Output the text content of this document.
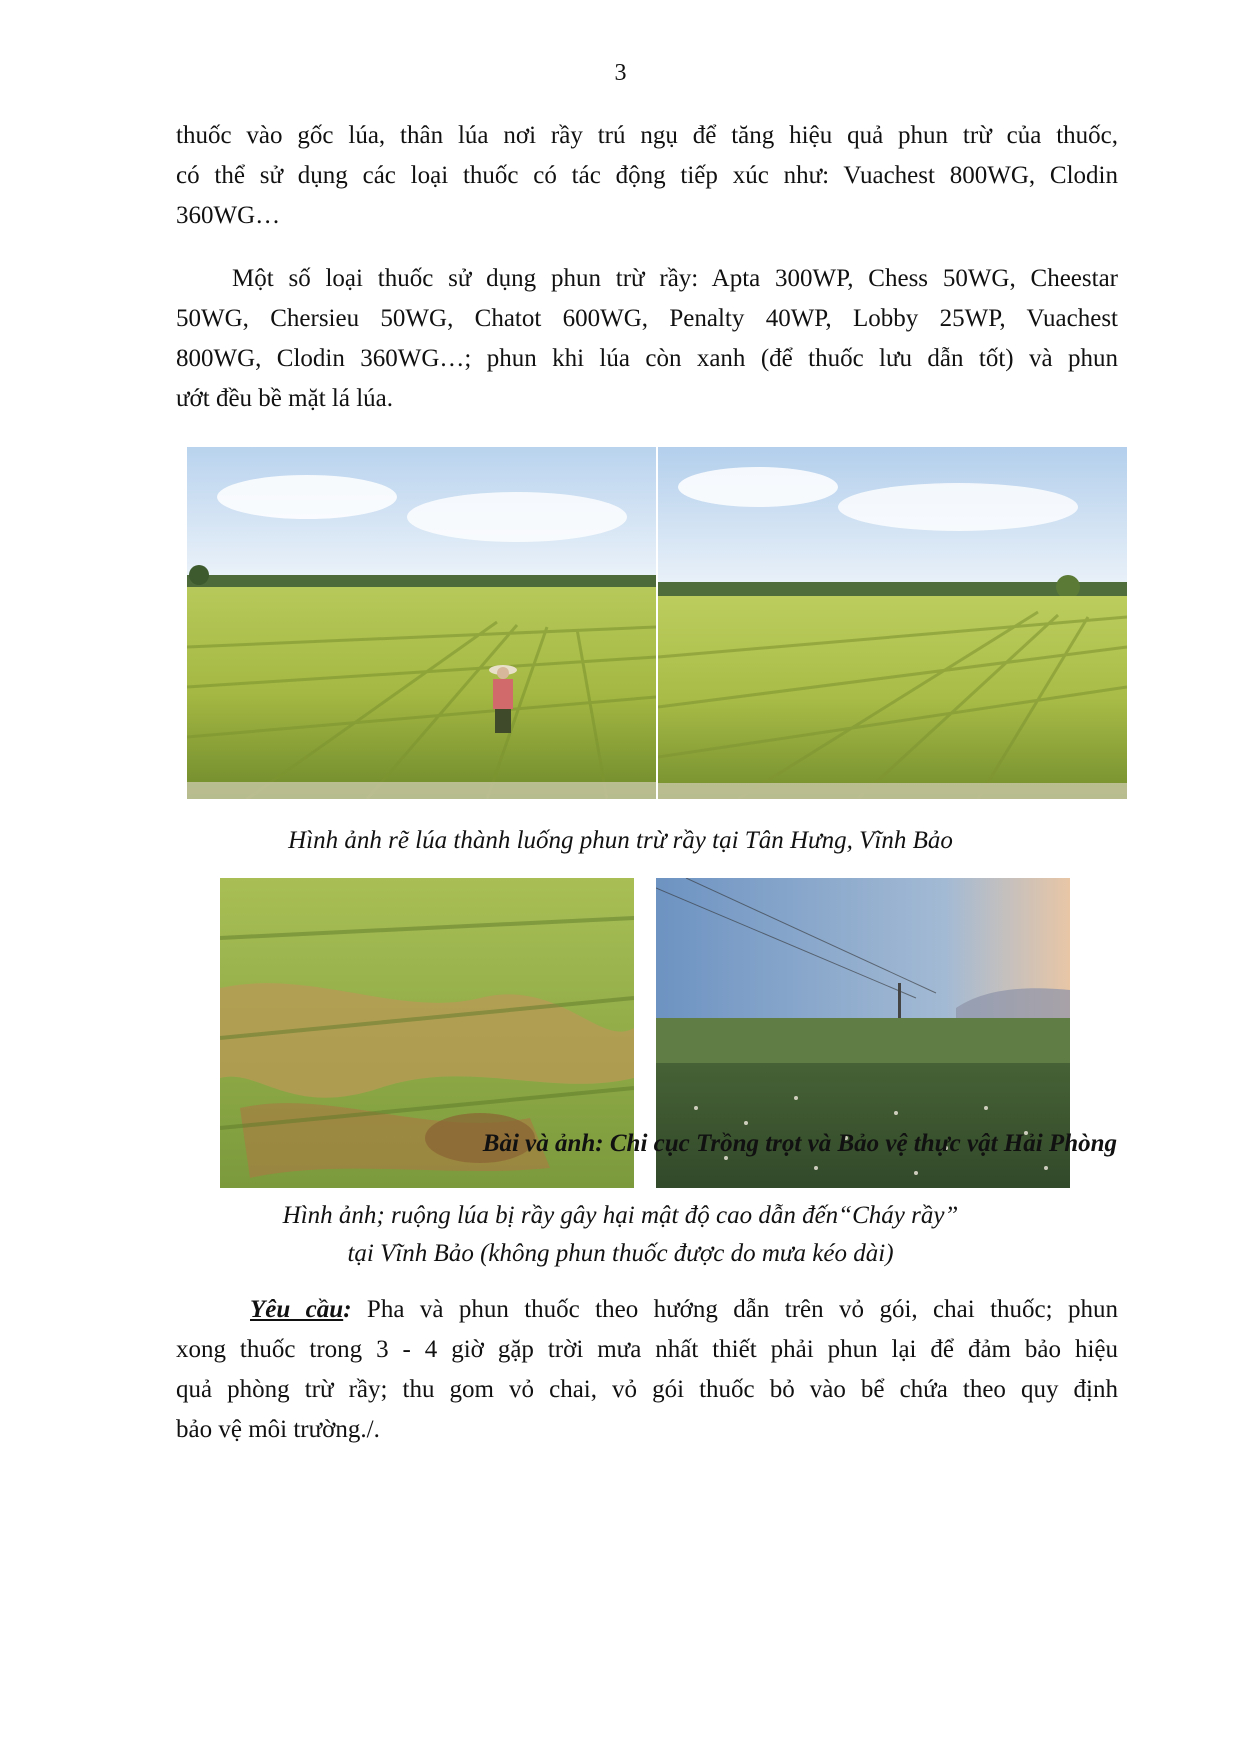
3

thuốc vào gốc lúa, thân lúa nơi rầy trú ngụ để tăng hiệu quả phun trừ của thuốc,
có thể sử dụng các loại thuốc có tác động tiếp xúc như: Vuachest 800WG, Clodin
360WG…

Một số loại thuốc sử dụng phun trừ rầy: Apta 300WP, Chess 50WG, Cheestar
50WG, Chersieu 50WG, Chatot 600WG, Penalty 40WP, Lobby 25WP, Vuachest
800WG, Clodin 360WG…; phun khi lúa còn xanh (để thuốc lưu dẫn tốt) và phun
ướt đều bề mặt lá lúa.

Hình ảnh rẽ lúa thành luống phun trừ rầy tại Tân Hưng, Vĩnh Bảo
Hình ảnh; ruộng lúa bị rầy gây hại mật độ cao dẫn đến“Cháy rầy”
tại Vĩnh Bảo (không phun thuốc được do mưa kéo dài)

Yêu cầu: Pha và phun thuốc theo hướng dẫn trên vỏ gói, chai thuốc; phun
xong thuốc trong 3 - 4 giờ gặp trời mưa nhất thiết phải phun lại để đảm bảo hiệu
quả phòng trừ rầy; thu gom vỏ chai, vỏ gói thuốc bỏ vào bể chứa theo quy định
bảo vệ môi trường./.

Bài và ảnh: Chi cục Trồng trọt và Bảo vệ thực vật Hải Phòng
